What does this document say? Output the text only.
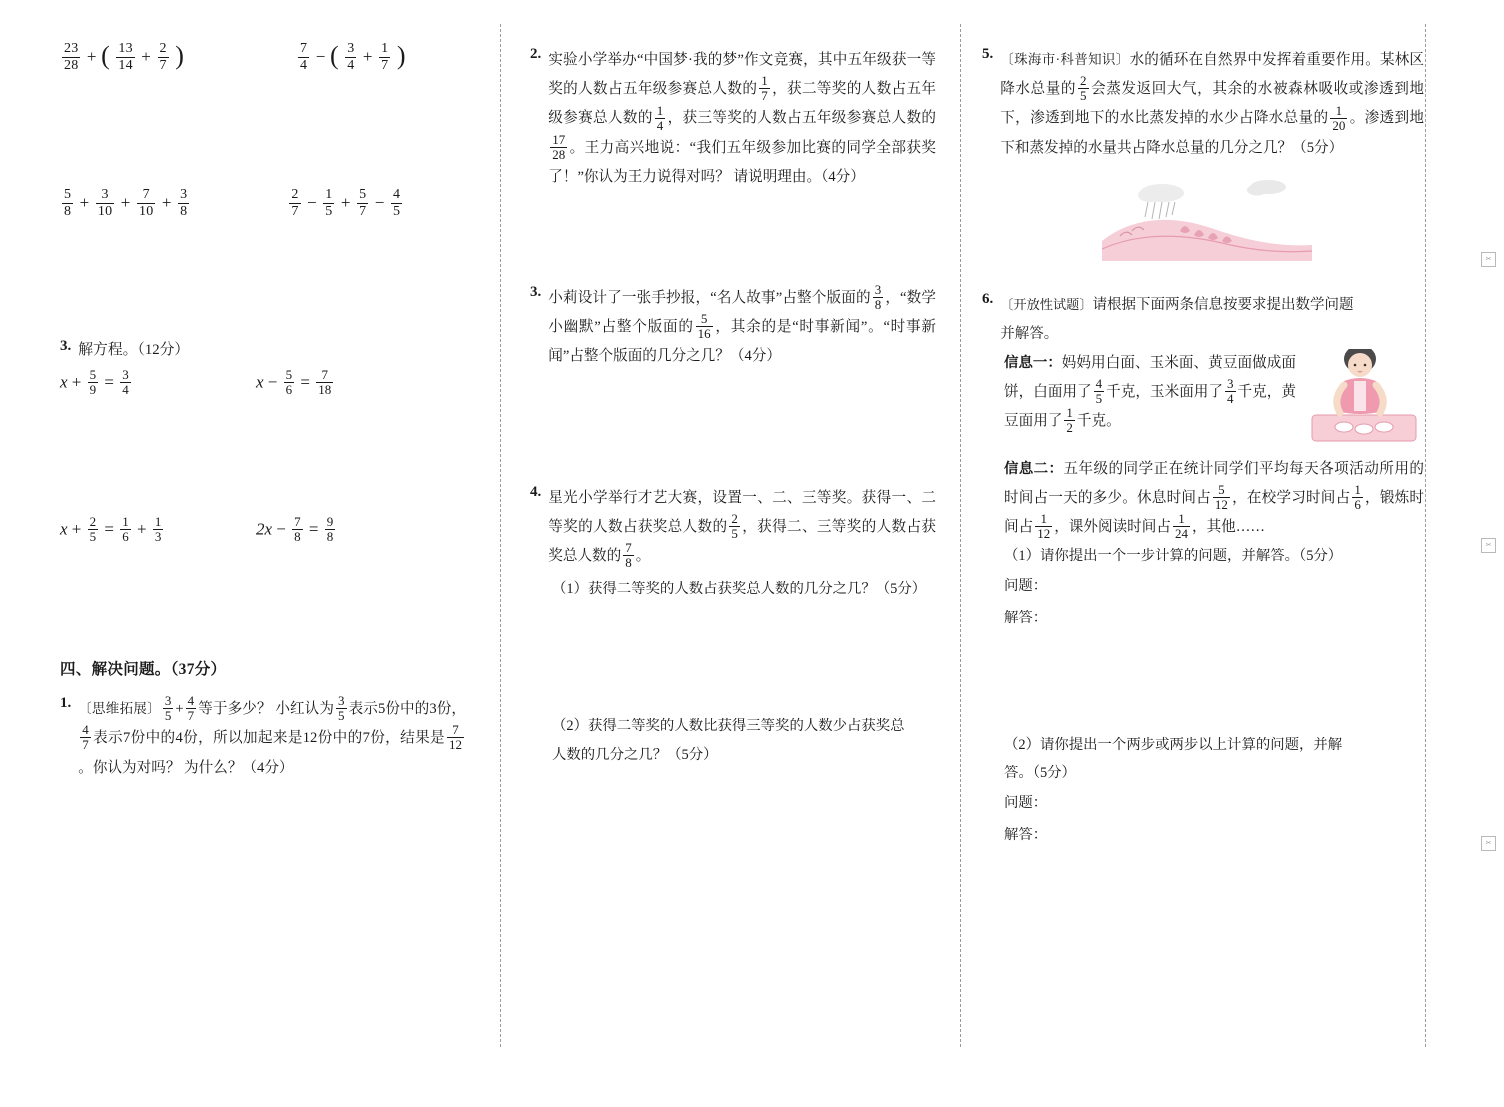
$\frac{23}{28}$ + ( $\frac{13}{14} + \frac{2}{7}$ )	$\frac{7}{4}$ − ( $\frac{3}{4} + \frac{1}{7}$ )
$\frac{5}{8} + \frac{3}{10} + \frac{7}{10} + \frac{3}{8}$	$\frac{2}{7} - \frac{1}{5} + \frac{5}{7} - \frac{4}{5}$
3. 解方程。（12分）
$x + \frac{5}{9} = \frac{3}{4}$	$x - \frac{5}{6} = \frac{7}{18}$
$x + \frac{2}{5} = \frac{1}{6} + \frac{1}{3}$	$2x - \frac{7}{8} = \frac{9}{8}$
四、解决问题。（37分）
1. 〔思维拓展〕 $\frac{3}{5} + \frac{4}{7}$ 等于多少？ 小红认为 $\frac{3}{5}$ 表示5份中的3份，
$\frac{4}{7}$ 表示7份中的4份，所以加起来是12份中的7份，结果是 $\frac{7}{12}$
。你认为对吗？ 为什么？（4分）
2. 实验小学举办“中国梦·我的梦”作文竞赛，其中五年级获一等奖的人数占五年级参赛总人数的 $\frac{1}{7}$ ，获二等奖的人数占五年级参赛总人数的 $\frac{1}{4}$ ，获三等奖的人数占五年级参赛总人数的
$\frac{17}{28}$ 。王力高兴地说：“我们五年级参加比赛的同学全部获奖了！”你认为王力说得对吗？ 请说明理由。（4分）
3. 小莉设计了一张手抄报，“名人故事”占整个版面的 $\frac{3}{8}$ ，“数学小幽默”占整个版面的 $\frac{5}{16}$ ，其余的是“时事新闻”。“时事新闻”占整个版面的几分之几？（4分）
4. 星光小学举行才艺大赛，设置一、二、三等奖。获得一、二等奖的人数占获奖总人数的 $\frac{2}{5}$ ，获得二、三等奖的人数占获奖总人数的 $\frac{7}{8}$ 。
（1）获得二等奖的人数占获奖总人数的几分之几？（5分）
（2）获得二等奖的人数比获得三等奖的人数少占获奖总
人数的几分之几？（5分）
5. 〔珠海市·科普知识〕水的循环在自然界中发挥着重要作用。某林区降水总量的 $\frac{2}{5}$ 会蒸发返回大气，其余的水被森林吸收或渗透到地下，渗透到地下的水比蒸发掉的水少占降水总量的 $\frac{1}{20}$ 。渗透到地下和蒸发掉的水量共占降水总量的几分之几？（5分）
✂
6. 〔开放性试题〕请根据下面两条信息按要求提出数学问题
并解答。
信息一：妈妈用白面、玉米面、黄豆面做成面饼，白面用了 $\frac{4}{5}$ 千克，玉米面用了 $\frac{3}{4}$ 千克，黄豆面用了 $\frac{1}{2}$ 千克。
信息二：五年级的同学正在统计同学们平均每天各项活动所用的时间占一天的多少。休息时间占 $\frac{5}{12}$ ，在校学习时间占 $\frac{1}{6}$ ，锻炼时间占 $\frac{1}{12}$ ，课外阅读时间占 $\frac{1}{24}$ ，其他……
（1）请你提出一个一步计算的问题，并解答。（5分）
问题：
解答：
（2）请你提出一个两步或两步以上计算的问题，并解
答。（5分）
问题：
解答：
✂
✂
